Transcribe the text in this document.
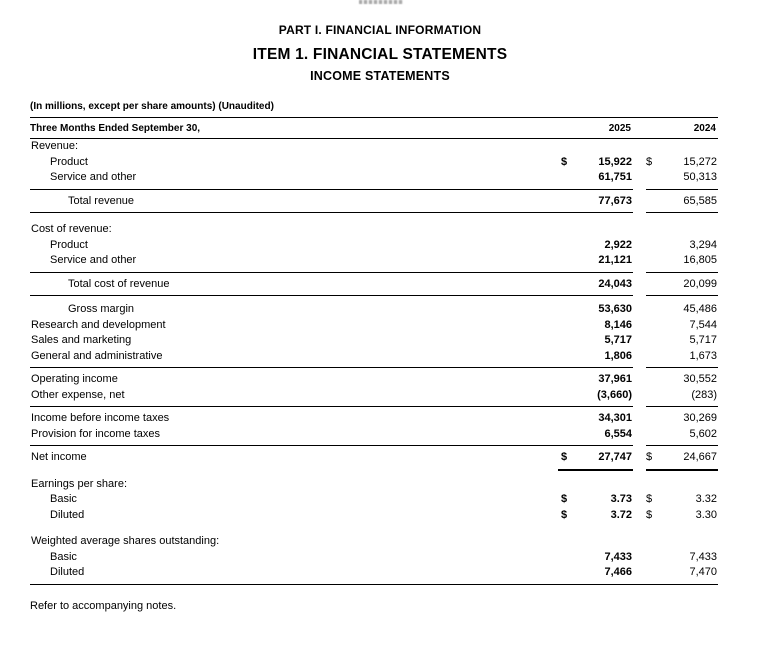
PART I. FINANCIAL INFORMATION
ITEM 1. FINANCIAL STATEMENTS
INCOME STATEMENTS
(In millions, except per share amounts) (Unaudited)
Three Months Ended September 30,	2025	2024
Revenue:
Product	$	15,922 $	15,272
Service and other	61,751	50,313
Total revenue	77,673	65,585
Cost of revenue:
Product	2,922	3,294
Service and other	21,121	16,805
Total cost of revenue	24,043	20,099
Gross margin	53,630	45,486
Research and development	8,146	7,544
Sales and marketing	5,717	5,717
General and administrative	1,806	1,673
Operating income	37,961	30,552
Other expense, net	(3,660)	(283)
Income before income taxes	34,301	30,269
Provision for income taxes	6,554	5,602
Net income	$	27,747 $	24,667
Earnings per share:
Basic	$	3.73 $	3.32
Diluted	$	3.72 $	3.30
Weighted average shares outstanding:
Basic	7,433	7,433
Diluted	7,466	7,470
Refer to accompanying notes.
